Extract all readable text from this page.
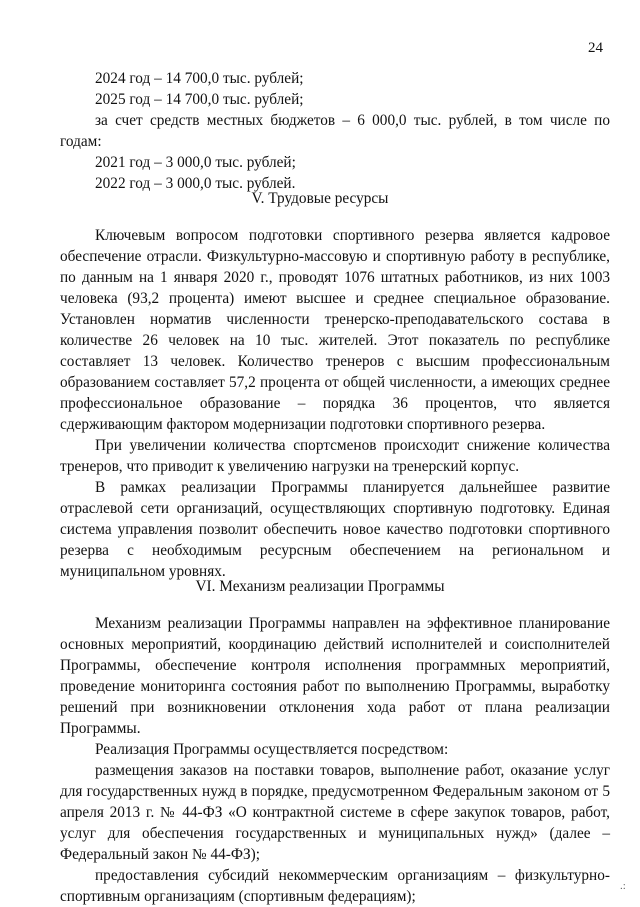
24

2024 год – 14 700,0 тыс. рублей;

2025 год – 14 700,0 тыс. рублей;

за счет средств местных бюджетов – 6 000,0 тыс. рублей, в том числе по годам:

2021 год – 3 000,0 тыс. рублей;

2022 год – 3 000,0 тыс. рублей.

V. Трудовые ресурсы

Ключевым вопросом подготовки спортивного резерва является кадровое обеспечение отрасли. Физкультурно-массовую и спортивную работу в республике, по данным на 1 января 2020 г., проводят 1076 штатных работников, из них 1003 человека (93,2 процента) имеют высшее и среднее специальное образование. Установлен норматив численности тренерско-преподавательского состава в количестве 26 человек на 10 тыс. жителей. Этот показатель по республике составляет 13 человек. Количество тренеров с высшим профессиональным образованием составляет 57,2 процента от общей численности, а имеющих среднее профессиональное образование – порядка 36 процентов, что является сдерживающим фактором модернизации подготовки спортивного резерва.

При увеличении количества спортсменов происходит снижение количества тренеров, что приводит к увеличению нагрузки на тренерский корпус.

В рамках реализации Программы планируется дальнейшее развитие отраслевой сети организаций, осуществляющих спортивную подготовку. Единая система управления позволит обеспечить новое качество подготовки спортивного резерва с необходимым ресурсным обеспечением на региональном и муниципальном уровнях.

VI. Механизм реализации Программы

Механизм реализации Программы направлен на эффективное планирование основных мероприятий, координацию действий исполнителей и соисполнителей Программы, обеспечение контроля исполнения программных мероприятий, проведение мониторинга состояния работ по выполнению Программы, выработку решений при возникновении отклонения хода работ от плана реализации Программы.

Реализация Программы осуществляется посредством:

размещения заказов на поставки товаров, выполнение работ, оказание услуг для государственных нужд в порядке, предусмотренном Федеральным законом от 5 апреля 2013 г. № 44-ФЗ «О контрактной системе в сфере закупок товаров, работ, услуг для обеспечения государственных и муниципальных нужд» (далее – Федеральный закон № 44-ФЗ);

предоставления субсидий некоммерческим организациям – физкультурно-спортивным организациям (спортивным федерациям);

.:
